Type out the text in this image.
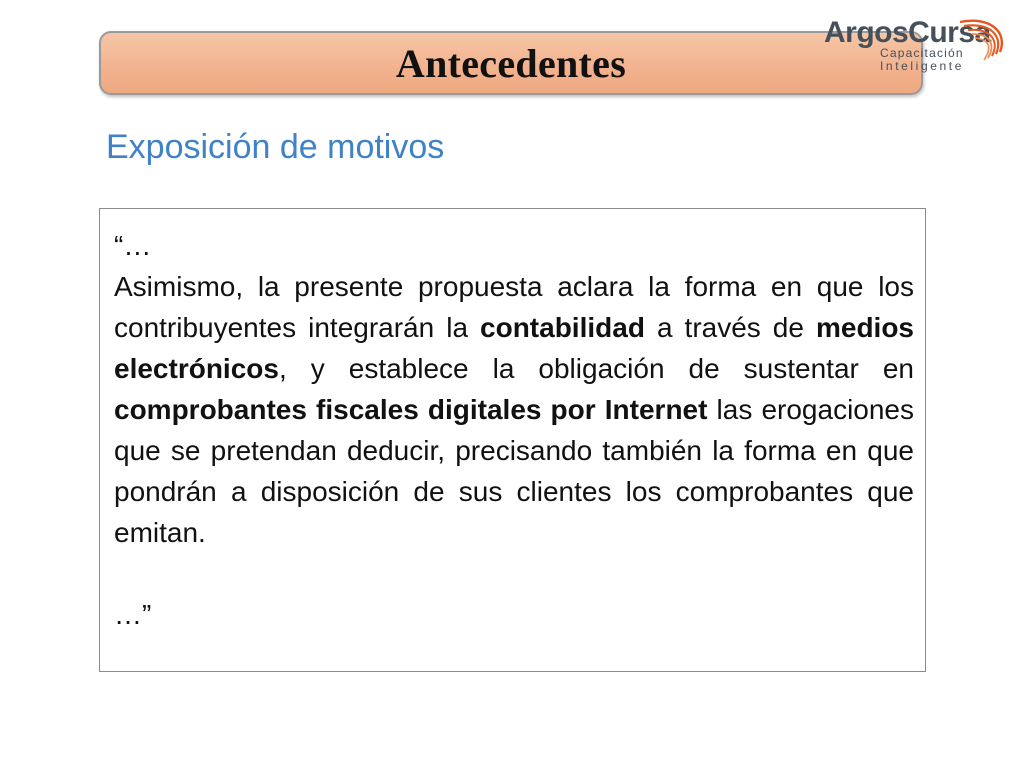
Antecedentes
ArgosCursa
Capacitación
Inteligente
Exposición de motivos
“…
Asimismo, la presente propuesta aclara la forma en que los contribuyentes integrarán la contabilidad a través de medios electrónicos, y establece la obligación de sustentar en comprobantes fiscales digitales por Internet las erogaciones que se pretendan deducir, precisando también la forma en que pondrán a disposición de sus clientes los comprobantes que emitan.
…”
